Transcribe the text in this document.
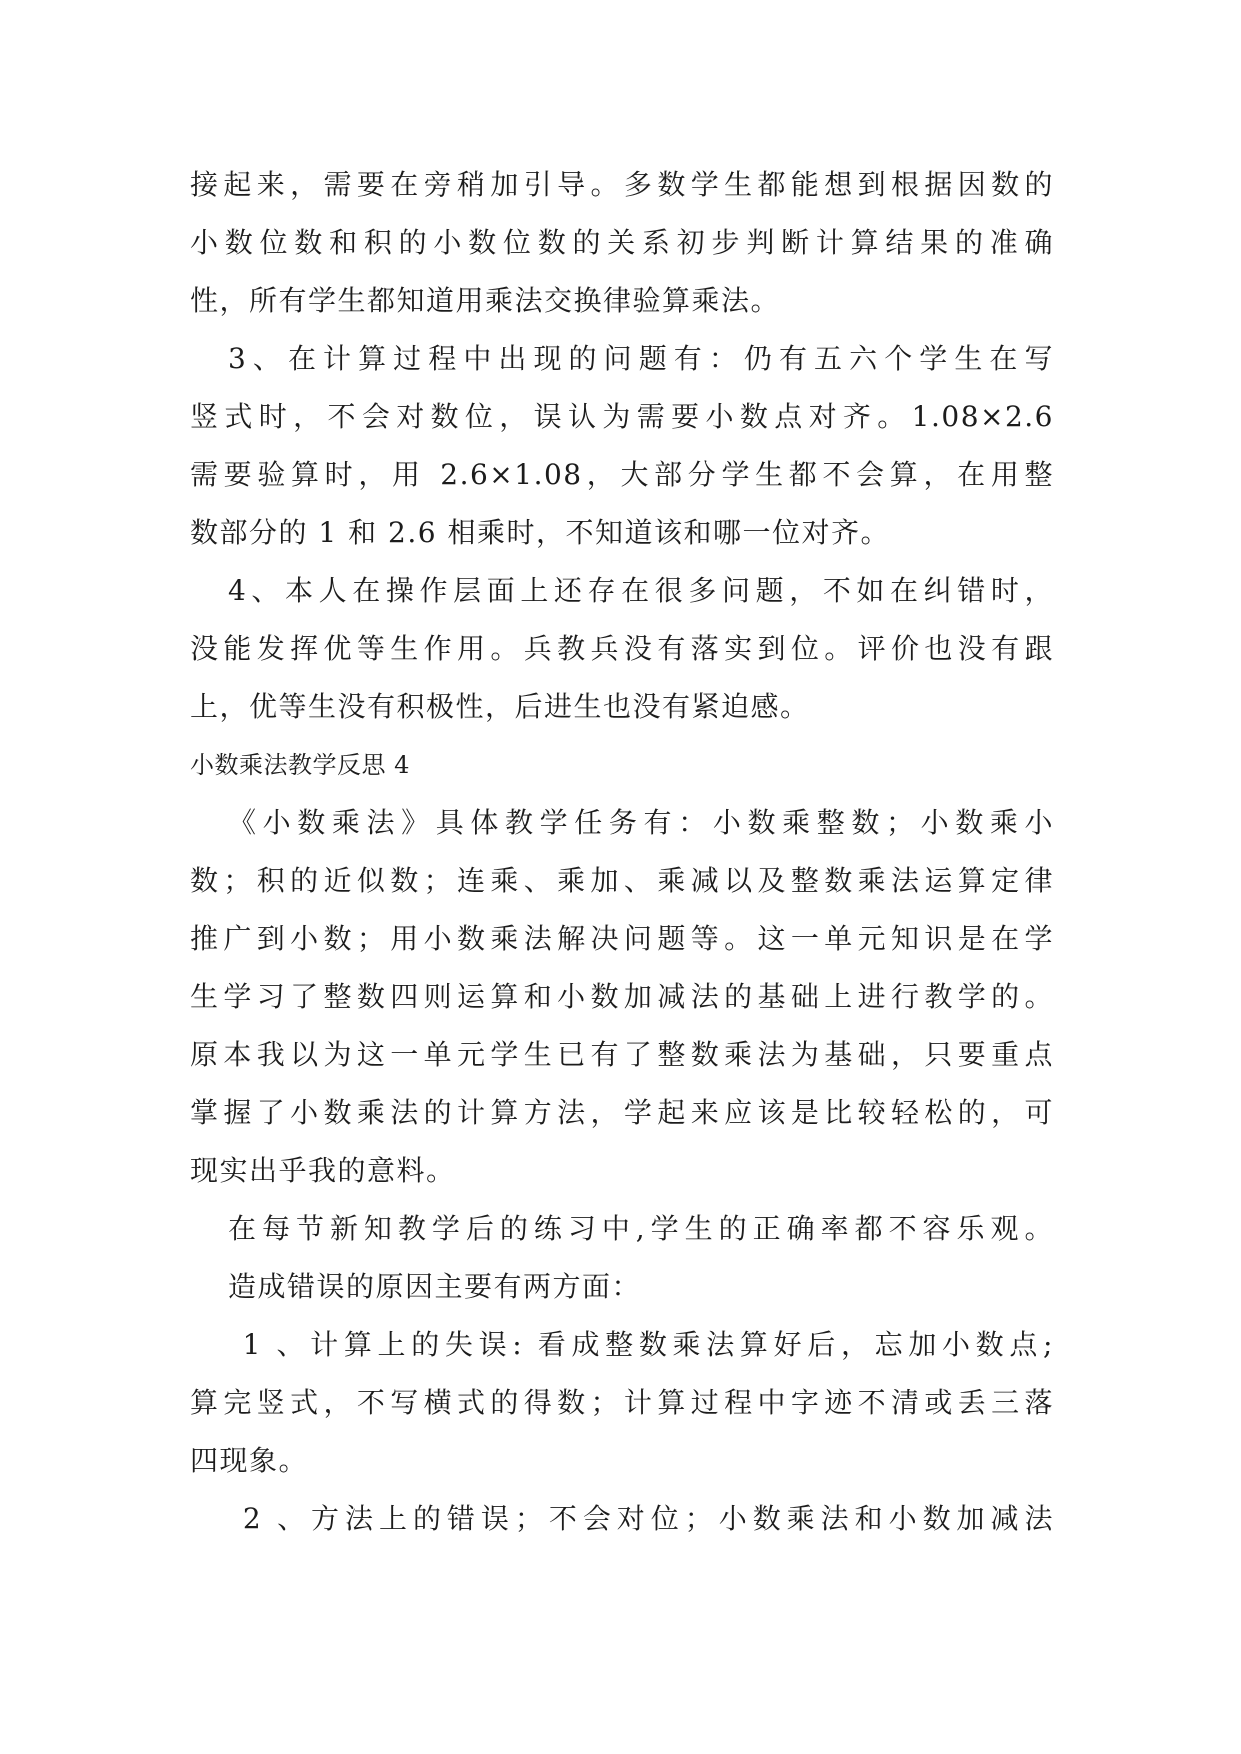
接起来，需要在旁稍加引导。多数学生都能想到根据因数的
小数位数和积的小数位数的关系初步判断计算结果的准确
性，所有学生都知道用乘法交换律验算乘法。
3、在计算过程中出现的问题有：仍有五六个学生在写
竖式时，不会对数位，误认为需要小数点对齐。1.08×2.6
需要验算时，用 2.6×1.08，大部分学生都不会算，在用整
数部分的 1 和 2.6 相乘时，不知道该和哪一位对齐。
4、本人在操作层面上还存在很多问题，不如在纠错时，
没能发挥优等生作用。兵教兵没有落实到位。评价也没有跟
上，优等生没有积极性，后进生也没有紧迫感。
小数乘法教学反思 4
《小数乘法》具体教学任务有：小数乘整数；小数乘小
数；积的近似数；连乘、乘加、乘减以及整数乘法运算定律
推广到小数；用小数乘法解决问题等。这一单元知识是在学
生学习了整数四则运算和小数加减法的基础上进行教学的。
原本我以为这一单元学生已有了整数乘法为基础，只要重点
掌握了小数乘法的计算方法，学起来应该是比较轻松的，可
现实出乎我的意料。
在每节新知教学后的练习中,学生的正确率都不容乐观。
造成错误的原因主要有两方面：
1 、计算上的失误: 看成整数乘法算好后，忘加小数点;
算完竖式，不写横式的得数；计算过程中字迹不清或丢三落
四现象。
2 、方法上的错误；不会对位；小数乘法和小数加减法
